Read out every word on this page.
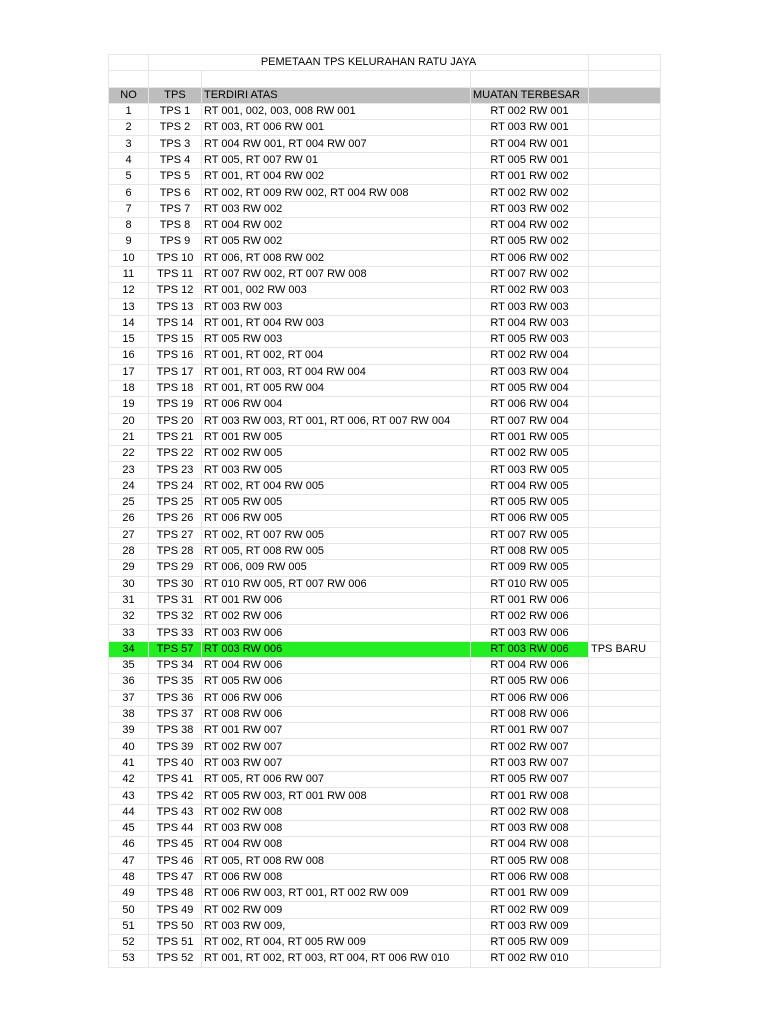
	PEMETAAN TPS KELURAHAN RATU JAYA			

NO	TPS	TERDIRI ATAS	MUATAN TERBESAR	
1	TPS 1	RT 001, 002, 003, 008 RW 001	RT 002 RW 001	
2	TPS 2	RT 003, RT 006 RW 001	RT 003 RW 001	
3	TPS 3	RT 004 RW 001, RT 004 RW 007	RT 004 RW 001	
4	TPS 4	RT 005, RT 007 RW 01	RT 005 RW 001	
5	TPS 5	RT 001, RT 004 RW 002	RT 001 RW 002	
6	TPS 6	RT 002, RT 009 RW 002, RT 004 RW 008	RT 002 RW 002	
7	TPS 7	RT 003 RW 002	RT 003 RW 002	
8	TPS 8	RT 004 RW 002	RT 004 RW 002	
9	TPS 9	RT 005 RW 002	RT 005 RW 002	
10	TPS 10	RT 006, RT 008 RW 002	RT 006 RW 002	
11	TPS 11	RT 007 RW 002, RT 007 RW 008	RT 007 RW 002	
12	TPS 12	RT 001, 002 RW 003	RT 002 RW 003	
13	TPS 13	RT 003 RW 003	RT 003 RW 003	
14	TPS 14	RT 001, RT 004 RW 003	RT 004 RW 003	
15	TPS 15	RT 005 RW 003	RT 005 RW 003	
16	TPS 16	RT 001, RT 002, RT 004	RT 002 RW 004	
17	TPS 17	RT 001, RT 003, RT 004 RW 004	RT 003 RW 004	
18	TPS 18	RT 001, RT 005 RW 004	RT 005 RW 004	
19	TPS 19	RT 006 RW 004	RT 006 RW 004	
20	TPS 20	RT 003 RW 003, RT 001, RT 006, RT 007 RW 004	RT 007 RW 004	
21	TPS 21	RT 001 RW 005	RT 001 RW 005	
22	TPS 22	RT 002 RW 005	RT 002 RW 005	
23	TPS 23	RT 003 RW 005	RT 003 RW 005	
24	TPS 24	RT 002, RT 004 RW 005	RT 004 RW 005	
25	TPS 25	RT 005 RW 005	RT 005 RW 005	
26	TPS 26	RT 006 RW 005	RT 006 RW 005	
27	TPS 27	RT 002, RT 007 RW 005	RT 007 RW 005	
28	TPS 28	RT 005, RT 008 RW 005	RT 008 RW 005	
29	TPS 29	RT 006, 009 RW 005	RT 009 RW 005	
30	TPS 30	RT 010 RW 005, RT 007 RW 006	RT 010 RW 005	
31	TPS 31	RT 001 RW 006	RT 001 RW 006	
32	TPS 32	RT 002 RW 006	RT 002 RW 006	
33	TPS 33	RT 003 RW 006	RT 003 RW 006	
34	TPS 57	RT 003 RW 006	RT 003 RW 006	TPS BARU
35	TPS 34	RT 004 RW 006	RT 004 RW 006	
36	TPS 35	RT 005 RW 006	RT 005 RW 006	
37	TPS 36	RT 006 RW 006	RT 006 RW 006	
38	TPS 37	RT 008 RW 006	RT 008 RW 006	
39	TPS 38	RT 001 RW 007	RT 001 RW 007	
40	TPS 39	RT 002 RW 007	RT 002 RW 007	
41	TPS 40	RT 003 RW 007	RT 003 RW 007	
42	TPS 41	RT 005, RT 006 RW 007	RT 005 RW 007	
43	TPS 42	RT 005 RW 003, RT 001 RW 008	RT 001 RW 008	
44	TPS 43	RT 002 RW 008	RT 002 RW 008	
45	TPS 44	RT 003 RW 008	RT 003 RW 008	
46	TPS 45	RT 004 RW 008	RT 004 RW 008	
47	TPS 46	RT 005, RT 008 RW 008	RT 005 RW 008	
48	TPS 47	RT 006 RW 008	RT 006 RW 008	
49	TPS 48	RT 006 RW 003, RT 001, RT 002 RW 009	RT 001 RW 009	
50	TPS 49	RT 002 RW 009	RT 002 RW 009	
51	TPS 50	RT 003 RW 009,	RT 003 RW 009	
52	TPS 51	RT 002, RT 004, RT 005 RW 009	RT 005 RW 009	
53	TPS 52	RT 001, RT 002, RT 003, RT 004, RT 006 RW 010	RT 002 RW 010	
